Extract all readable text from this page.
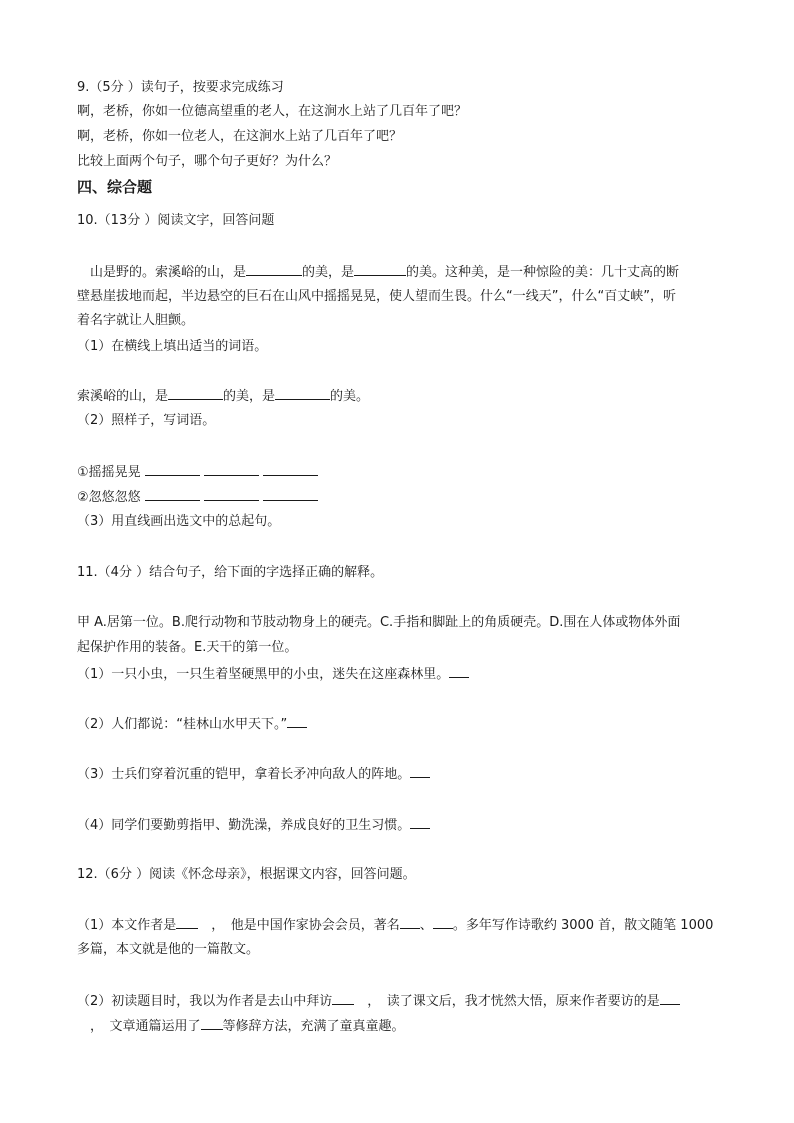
9.（5分 ）读句子，按要求完成练习
啊，老桥，你如一位德高望重的老人，在这涧水上站了几百年了吧？
啊，老桥，你如一位老人，在这涧水上站了几百年了吧？
比较上面两个句子，哪个句子更好？为什么？
四、综合题
10.（13分 ）阅读文字，回答问题
山是野的。索溪峪的山，是	的美，是	的美。这种美，是一种惊险的美：几十丈高的断
壁悬崖拔地而起，半边悬空的巨石在山风中摇摇晃晃，使人望而生畏。什么“一线天”，什么“百丈峡”，听
着名字就让人胆颤。
（1）在横线上填出适当的词语。
索溪峪的山，是	的美，是	的美。
（2）照样子，写词语。
①摇摇晃晃
②忽悠忽悠
（3）用直线画出选文中的总起句。
11.（4分 ）结合句子，给下面的字选择正确的解释。
甲 A.居第一位。B.爬行动物和节肢动物身上的硬壳。C.手指和脚趾上的角质硬壳。D.围在人体或物体外面
起保护作用的装备。E.天干的第一位。
（1）一只小虫，一只生着坚硬黑甲的小虫，迷失在这座森林里。
（2）人们都说：“桂林山水甲天下。”
（3）士兵们穿着沉重的铠甲，拿着长矛冲向敌人的阵地。
（4）同学们要勤剪指甲、勤洗澡，养成良好的卫生习惯。
12.（6分 ）阅读《怀念母亲》，根据课文内容，回答问题。
（1）本文作者是　，　他是中国作家协会会员，著名 、 。多年写作诗歌约 3000 首，散文随笔 1000
多篇，本文就是他的一篇散文。
（2）初读题目时，我以为作者是去山中拜访　，　读了课文后，我才恍然大悟，原来作者要访的是
　，　文章通篇运用了 等修辞方法，充满了童真童趣。
